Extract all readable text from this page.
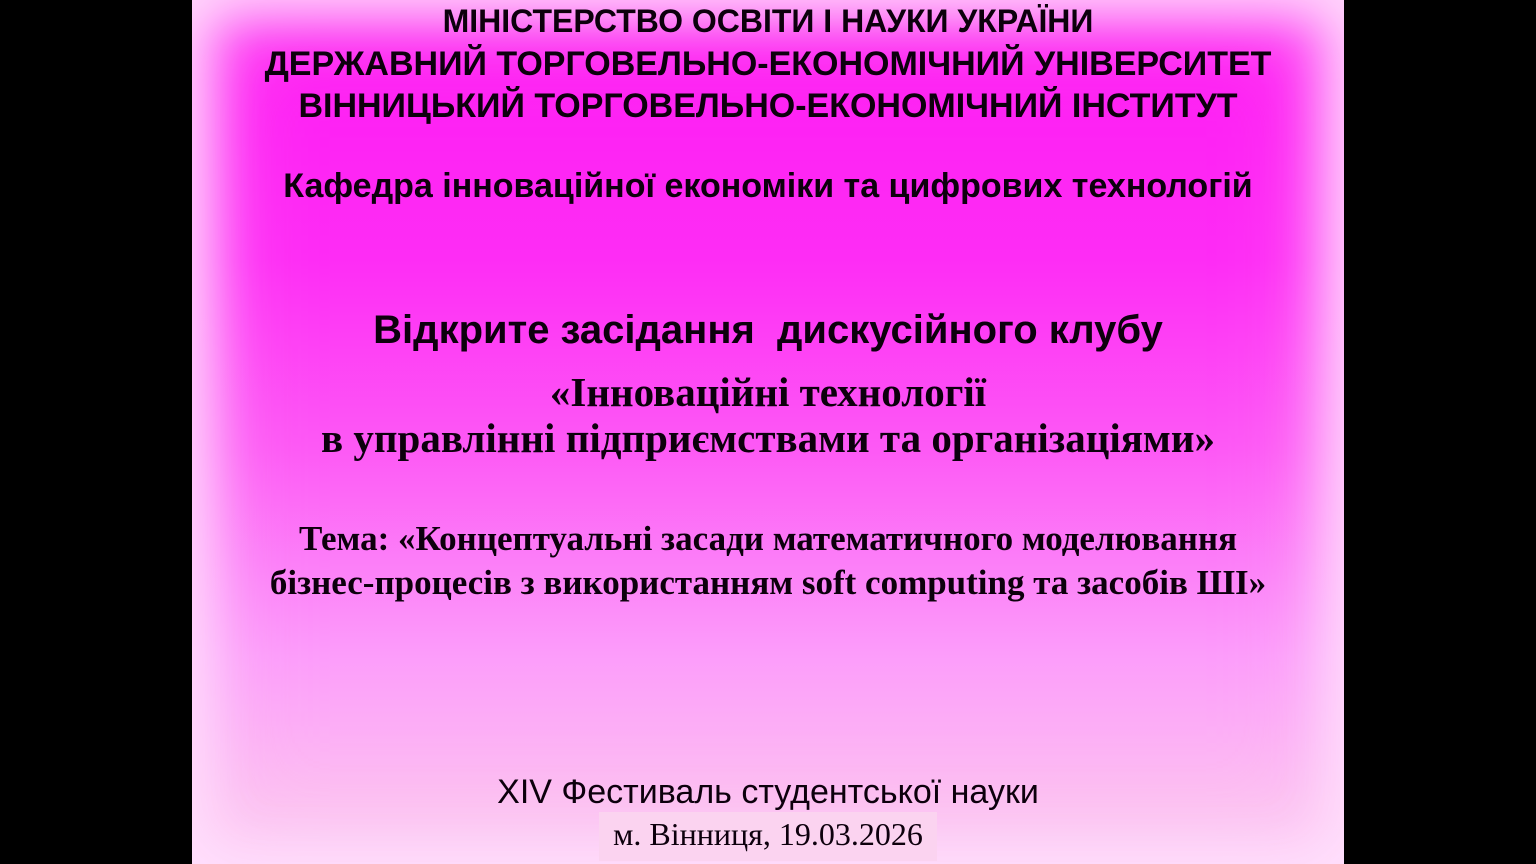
МІНІСТЕРСТВО ОСВІТИ І НАУКИ УКРАЇНИ
ДЕРЖАВНИЙ ТОРГОВЕЛЬНО-ЕКОНОМІЧНИЙ УНІВЕРСИТЕТ
ВІННИЦЬКИЙ ТОРГОВЕЛЬНО-ЕКОНОМІЧНИЙ ІНСТИТУТ
Кафедра інноваційної економіки та цифрових технологій
Відкрите засідання  дискусійного клубу
«Інноваційні технології
в управлінні підприємствами та організаціями»
Тема: «Концептуальні засади математичного моделювання
бізнес-процесів з використанням soft computing та засобів ШІ»
XIV Фестиваль студентської науки
м. Вінниця, 19.03.2026
